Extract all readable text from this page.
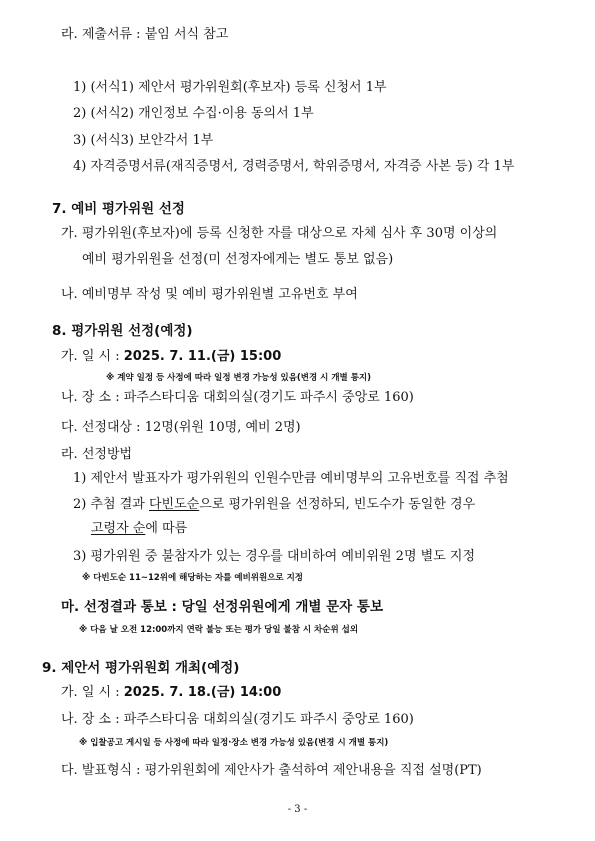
라. 제출서류 : 붙임 서식 참고
1) (서식1) 제안서 평가위원회(후보자) 등록 신청서 1부
2) (서식2) 개인정보 수집·이용 동의서 1부
3) (서식3) 보안각서 1부
4) 자격증명서류(재직증명서, 경력증명서, 학위증명서, 자격증 사본 등) 각 1부
7. 예비 평가위원 선정
가. 평가위원(후보자)에 등록 신청한 자를 대상으로 자체 심사 후 30명 이상의
예비 평가위원을 선정(미 선정자에게는 별도 통보 없음)
나. 예비명부 작성 및 예비 평가위원별 고유번호 부여
8. 평가위원 선정(예정)
가. 일 시 : 2025. 7. 11.(금) 15:00
※ 계약 일정 등 사정에 따라 일정 변경 가능성 있음(변경 시 개별 통지)
나. 장 소 : 파주스타디움 대회의실(경기도 파주시 중앙로 160)
다. 선정대상 : 12명(위원 10명, 예비 2명)
라. 선정방법
1) 제안서 발표자가 평가위원의 인원수만큼 예비명부의 고유번호를 직접 추첨
2) 추첨 결과 다빈도순으로 평가위원을 선정하되, 빈도수가 동일한 경우
고령자 순에 따름
3) 평가위원 중 불참자가 있는 경우를 대비하여 예비위원 2명 별도 지정
※ 다빈도순 11~12위에 해당하는 자를 예비위원으로 지정
마. 선정결과 통보 : 당일 선정위원에게 개별 문자 통보
※ 다음 날 오전 12:00까지 연락 불능 또는 평가 당일 불참 시 차순위 섭외
9. 제안서 평가위원회 개최(예정)
가. 일 시 : 2025. 7. 18.(금) 14:00
나. 장 소 : 파주스타디움 대회의실(경기도 파주시 중앙로 160)
※ 입찰공고 게시일 등 사정에 따라 일정·장소 변경 가능성 있음(변경 시 개별 통지)
다. 발표형식 : 평가위원회에 제안사가 출석하여 제안내용을 직접 설명(PT)
- 3 -
